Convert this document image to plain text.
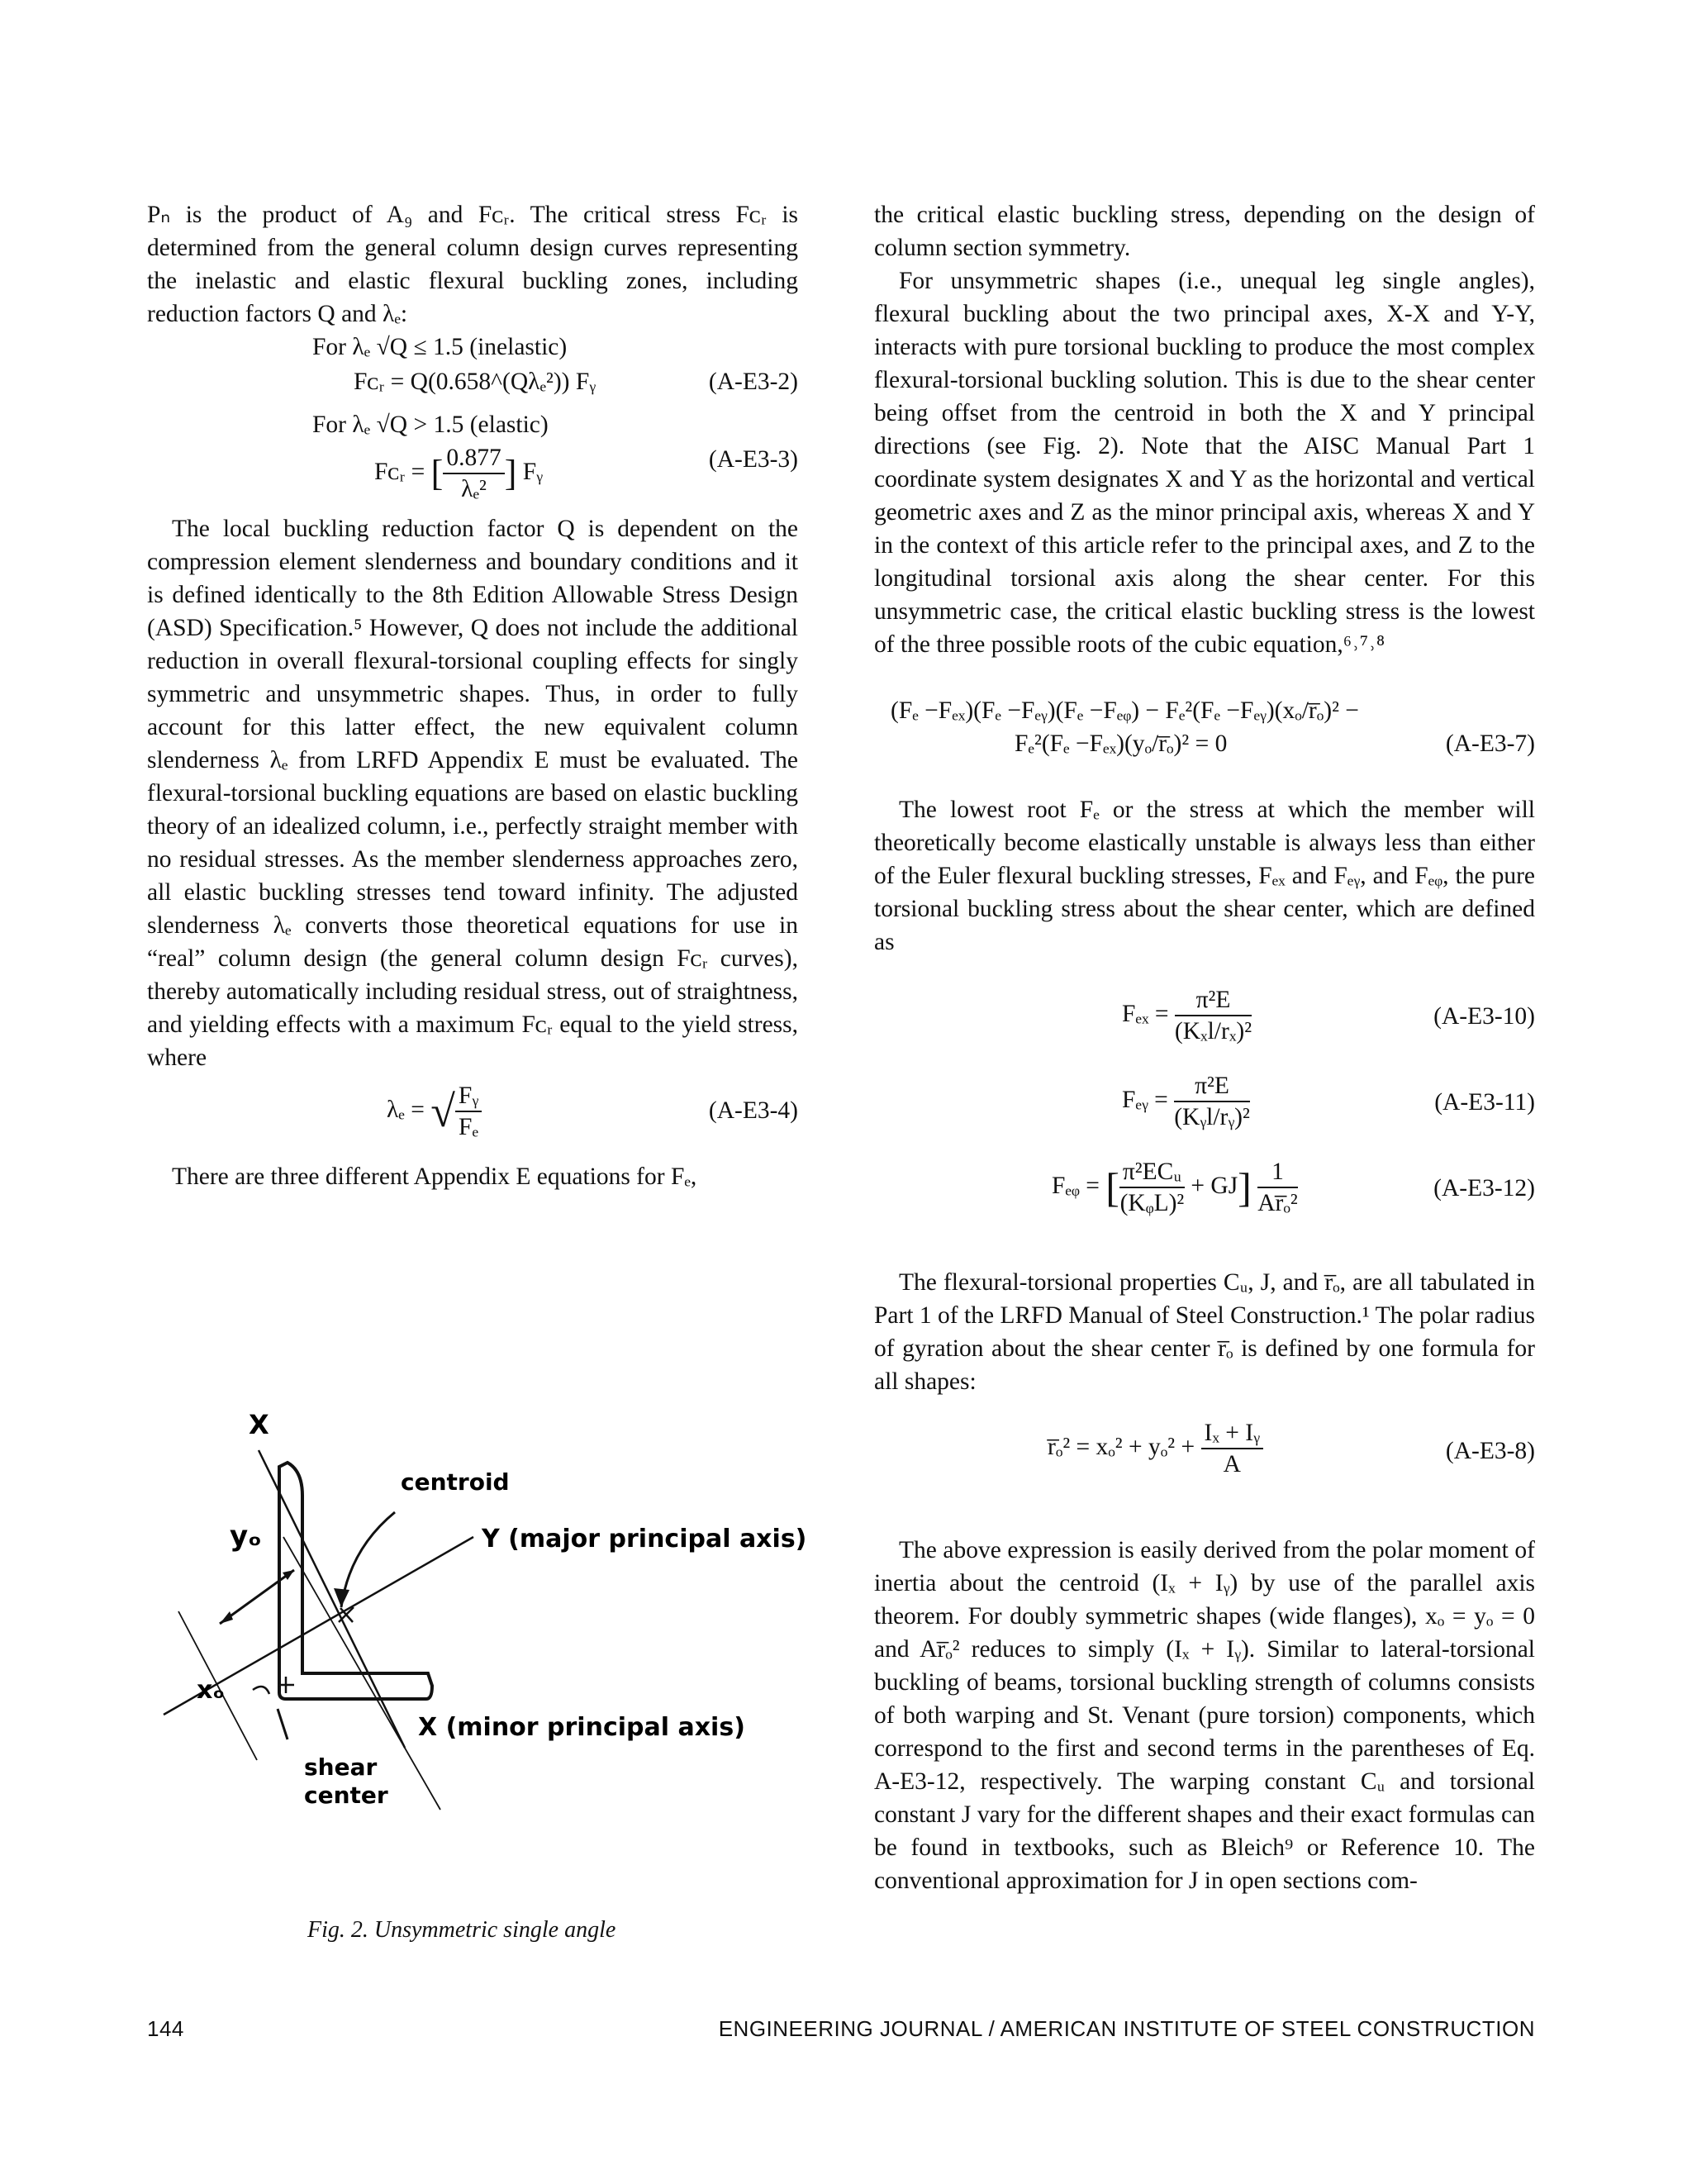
Pₙ is the product of A₉ and Fᴄᵣ. The critical stress Fᴄᵣ is determined from the general column design curves representing the inelastic and elastic flexural buckling zones, including reduction factors Q and λₑ:

For λₑ √Q ≤ 1.5 (inelastic)
Fᴄᵣ = Q(0.658^(Qλₑ²)) Fᵧ	(A-E3-2)
For λₑ √Q > 1.5 (elastic)
Fᴄᵣ = [ $\frac{0.877}{\text{λₑ²}}$ ] Fᵧ	(A-E3-3)

The local buckling reduction factor Q is dependent on the compression element slenderness and boundary conditions and it is defined identically to the 8th Edition Allowable Stress Design (ASD) Specification.⁵ However, Q does not include the additional reduction in overall flexural-torsional coupling effects for singly symmetric and unsymmetric shapes. Thus, in order to fully account for this latter effect, the new equivalent column slenderness λₑ from LRFD Appendix E must be evaluated. The flexural-torsional buckling equations are based on elastic buckling theory of an idealized column, i.e., perfectly straight member with no residual stresses. As the member slenderness approaches zero, all elastic buckling stresses tend toward infinity. The adjusted slenderness λₑ converts those theoretical equations for use in “real” column design (the general column design Fᴄᵣ curves), thereby automatically including residual stress, out of straightness, and yielding effects with a maximum Fᴄᵣ equal to the yield stress, where

λₑ = √ $\frac{\text{Fᵧ}}{\text{Fₑ}}$	(A-E3-4)

There are three different Appendix E equations for Fₑ,

X
yₒ
centroid
Y (major principal axis)
xₒ
X (minor principal axis)
shear
center
Fig. 2. Unsymmetric single angle

the critical elastic buckling stress, depending on the design of column section symmetry.

For unsymmetric shapes (i.e., unequal leg single angles), flexural buckling about the two principal axes, X-X and Y-Y, interacts with pure torsional buckling to produce the most complex flexural-torsional buckling solution. This is due to the shear center being offset from the centroid in both the X and Y principal directions (see Fig. 2). Note that the AISC Manual Part 1 coordinate system designates X and Y as the horizontal and vertical geometric axes and Z as the minor principal axis, whereas X and Y in the context of this article refer to the principal axes, and Z to the longitudinal torsional axis along the shear center. For this unsymmetric case, the critical elastic buckling stress is the lowest of the three possible roots of the cubic equation,⁶˒⁷˒⁸

(Fₑ −Fₑₓ)(Fₑ −Fₑᵧ)(Fₑ −Fₑᵩ) − Fₑ²(Fₑ −Fₑᵧ)(xₒ/r̅ₒ)² −
Fₑ²(Fₑ −Fₑₓ)(yₒ/r̅ₒ)² = 0	(A-E3-7)

The lowest root Fₑ or the stress at which the member will theoretically become elastically unstable is always less than either of the Euler flexural buckling stresses, Fₑₓ and Fₑᵧ, and Fₑᵩ, the pure torsional buckling stress about the shear center, which are defined as

$F_{ex} = \frac{\text{π²E}}{\text{(Kₓl/rₓ)²}}$	(A-E3-10)
Fₑᵧ = $\frac{\text{π²E}}{\text{(Kᵧl/rᵧ)²}}$	(A-E3-11)
Fₑᵩ = [ $\frac{\text{π²ECᵤ}}{\text{(KᵩL)²}} + GJ] \frac{1}{\text{Ar̅ₒ²}}$	(A-E3-12)

The flexural-torsional properties Cᵤ, J, and r̅ₒ, are all tabulated in Part 1 of the LRFD Manual of Steel Construction.¹ The polar radius of gyration about the shear center r̅ₒ is defined by one formula for all shapes:

r̅ₒ² = $x_o^2 + y_o^2 + \frac{\text{Iₓ + Iᵧ}}{A}$	(A-E3-8)

The above expression is easily derived from the polar moment of inertia about the centroid (Iₓ + Iᵧ) by use of the parallel axis theorem. For doubly symmetric shapes (wide flanges), xₒ = yₒ = 0 and Ar̅ₒ² reduces to simply (Iₓ + Iᵧ). Similar to lateral-torsional buckling of beams, torsional buckling strength of columns consists of both warping and St. Venant (pure torsion) components, which correspond to the first and second terms in the parentheses of Eq. A-E3-12, respectively. The warping constant Cᵤ and torsional constant J vary for the different shapes and their exact formulas can be found in textbooks, such as Bleich⁹ or Reference 10. The conventional approximation for J in open sections com-

144	ENGINEERING JOURNAL / AMERICAN INSTITUTE OF STEEL CONSTRUCTION
